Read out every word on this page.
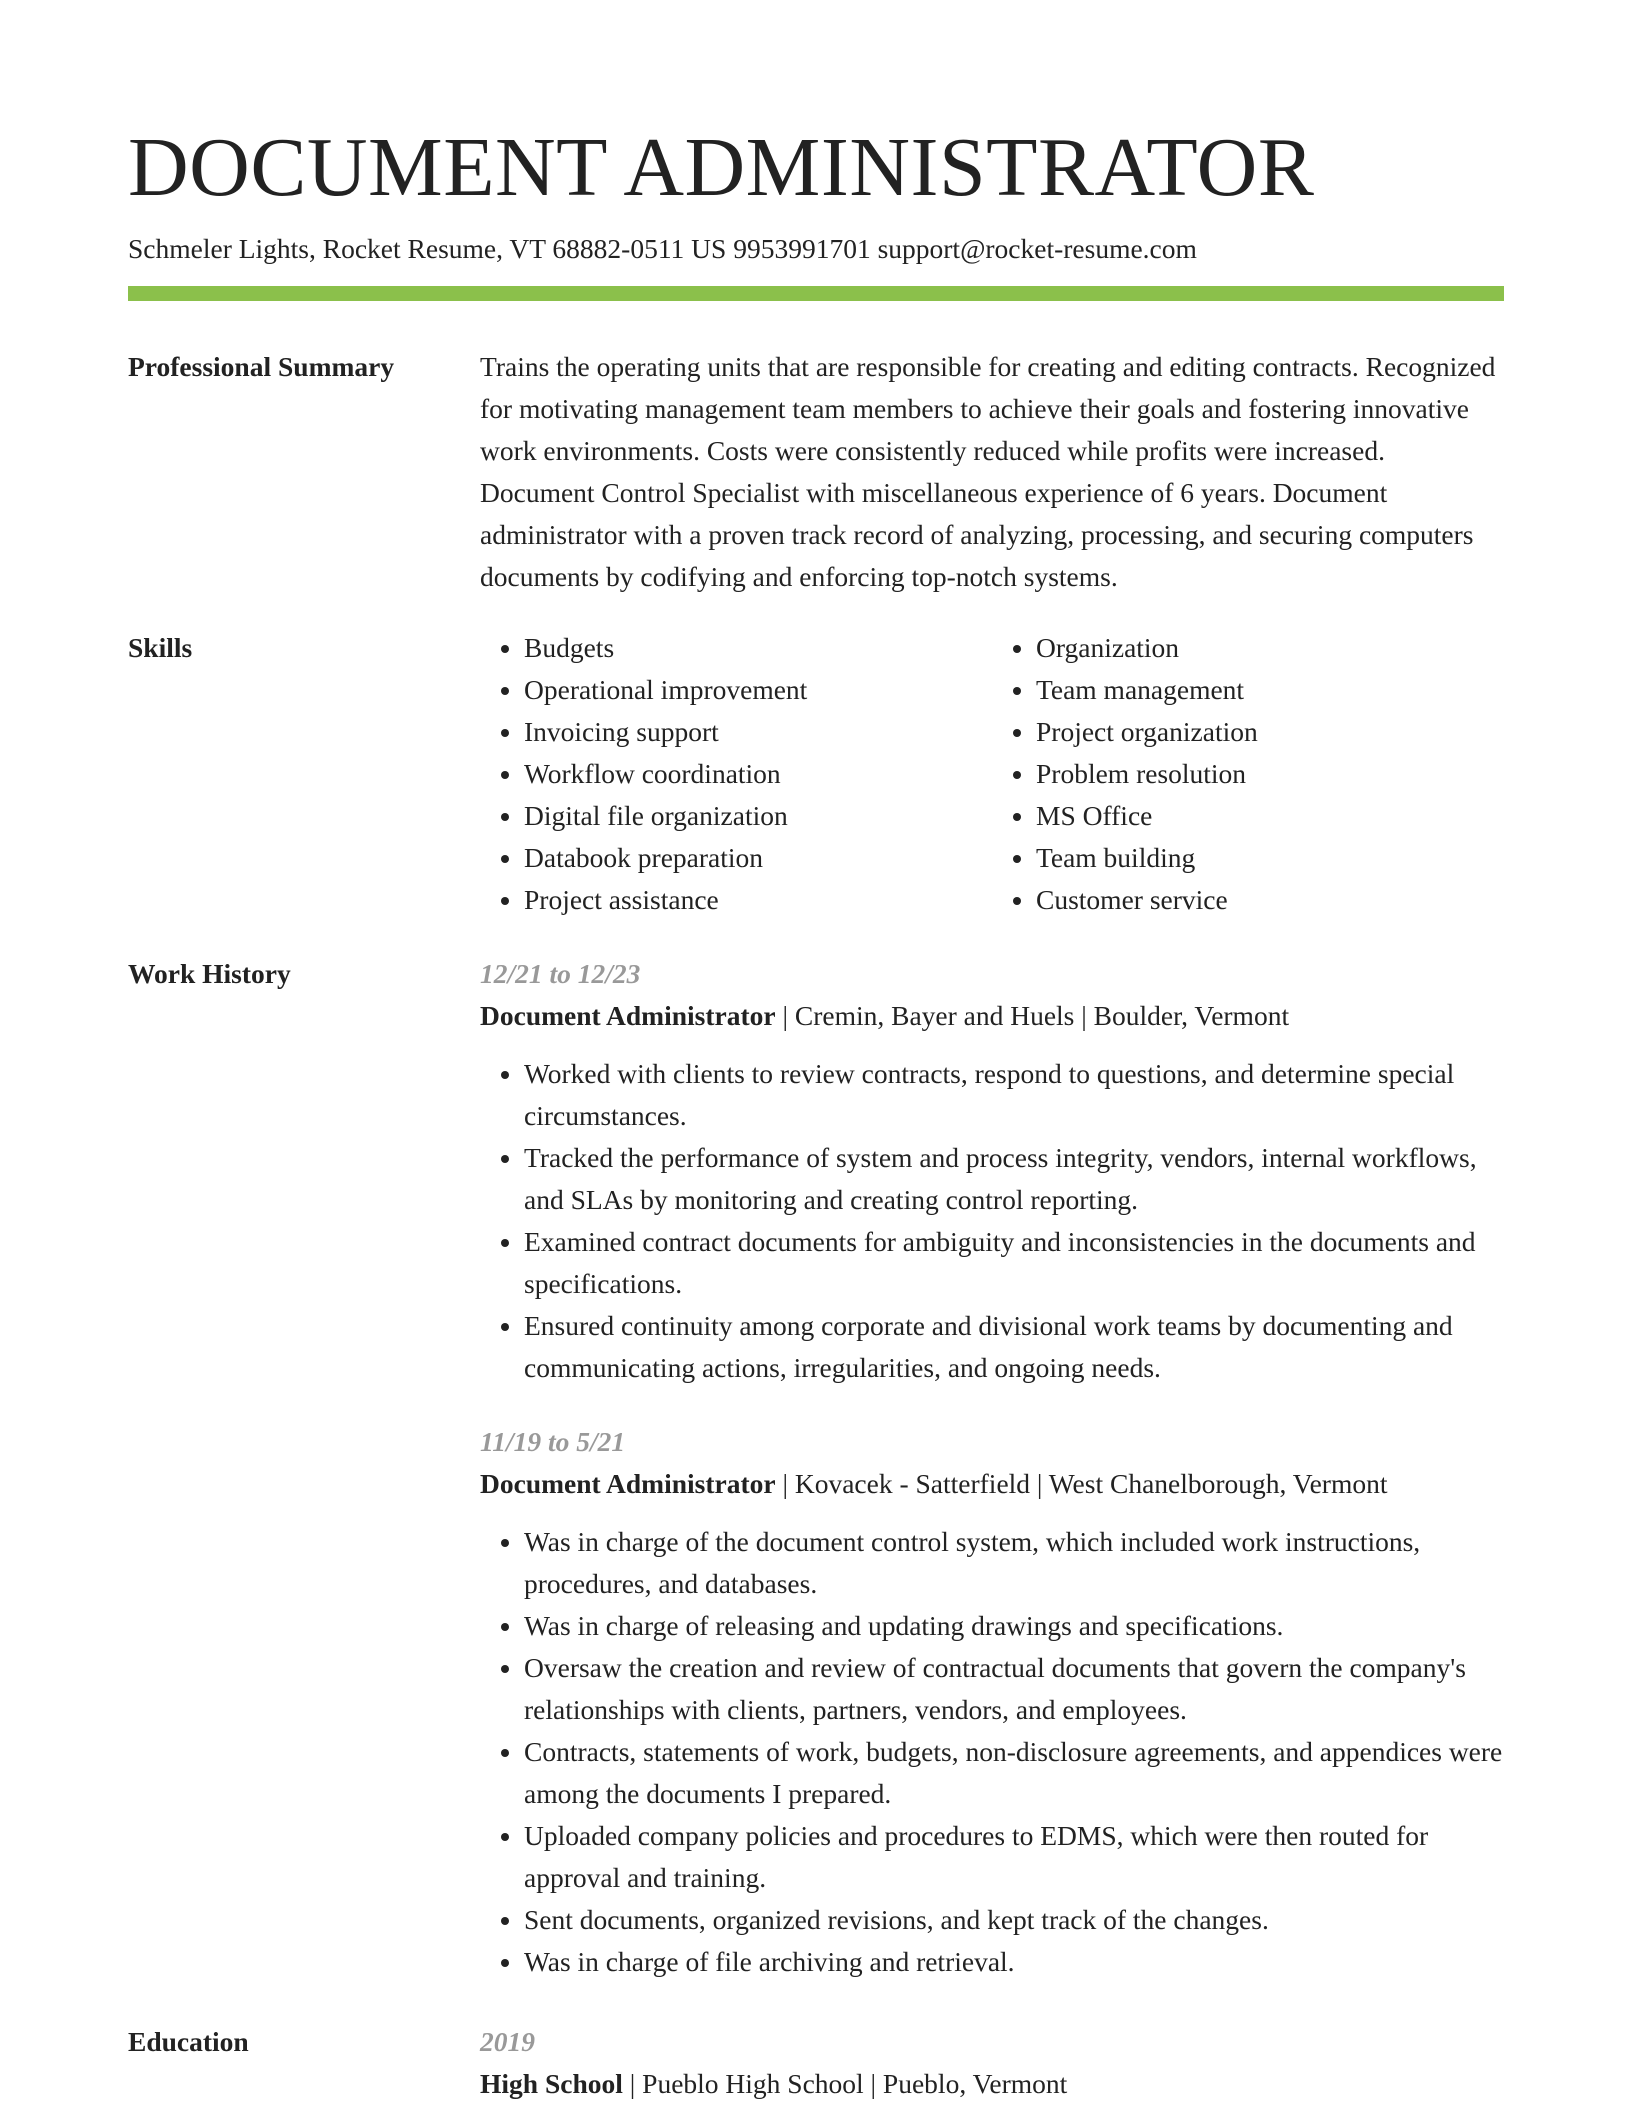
DOCUMENT ADMINISTRATOR
Schmeler Lights, Rocket Resume, VT 68882-0511 US 9953991701 support@rocket-resume.com
Professional Summary	Trains the operating units that are responsible for creating and editing contracts. Recognized for motivating management team members to achieve their goals and fostering innovative work environments. Costs were consistently reduced while profits were increased. Document Control Specialist with miscellaneous experience of 6 years. Document administrator with a proven track record of analyzing, processing, and securing computers documents by codifying and enforcing top-notch systems.

Skills
•	Budgets
• Operational improvement
• Invoicing support
• Workflow coordination
• Digital file organization
• Databook preparation
• Project assistance
• Organization
• Team management
• Project organization
• Problem resolution
• MS Office
• Team building
• Customer service
Work History	12/21 to 12/23
Document Administrator | Cremin, Bayer and Huels | Boulder, Vermont
• Worked with clients to review contracts, respond to questions, and determine special circumstances.
• Tracked the performance of system and process integrity, vendors, internal workflows, and SLAs by monitoring and creating control reporting.
• Examined contract documents for ambiguity and inconsistencies in the documents and specifications.
• Ensured continuity among corporate and divisional work teams by documenting and communicating actions, irregularities, and ongoing needs.
11/19 to 5/21
Document Administrator | Kovacek - Satterfield | West Chanelborough, Vermont
• Was in charge of the document control system, which included work instructions, procedures, and databases.
• Was in charge of releasing and updating drawings and specifications.
• Oversaw the creation and review of contractual documents that govern the company's relationships with clients, partners, vendors, and employees.
• Contracts, statements of work, budgets, non-disclosure agreements, and appendices were among the documents I prepared.
• Uploaded company policies and procedures to EDMS, which were then routed for approval and training.
• Sent documents, organized revisions, and kept track of the changes.
• Was in charge of file archiving and retrieval.
Education	2019
High School | Pueblo High School | Pueblo, Vermont
